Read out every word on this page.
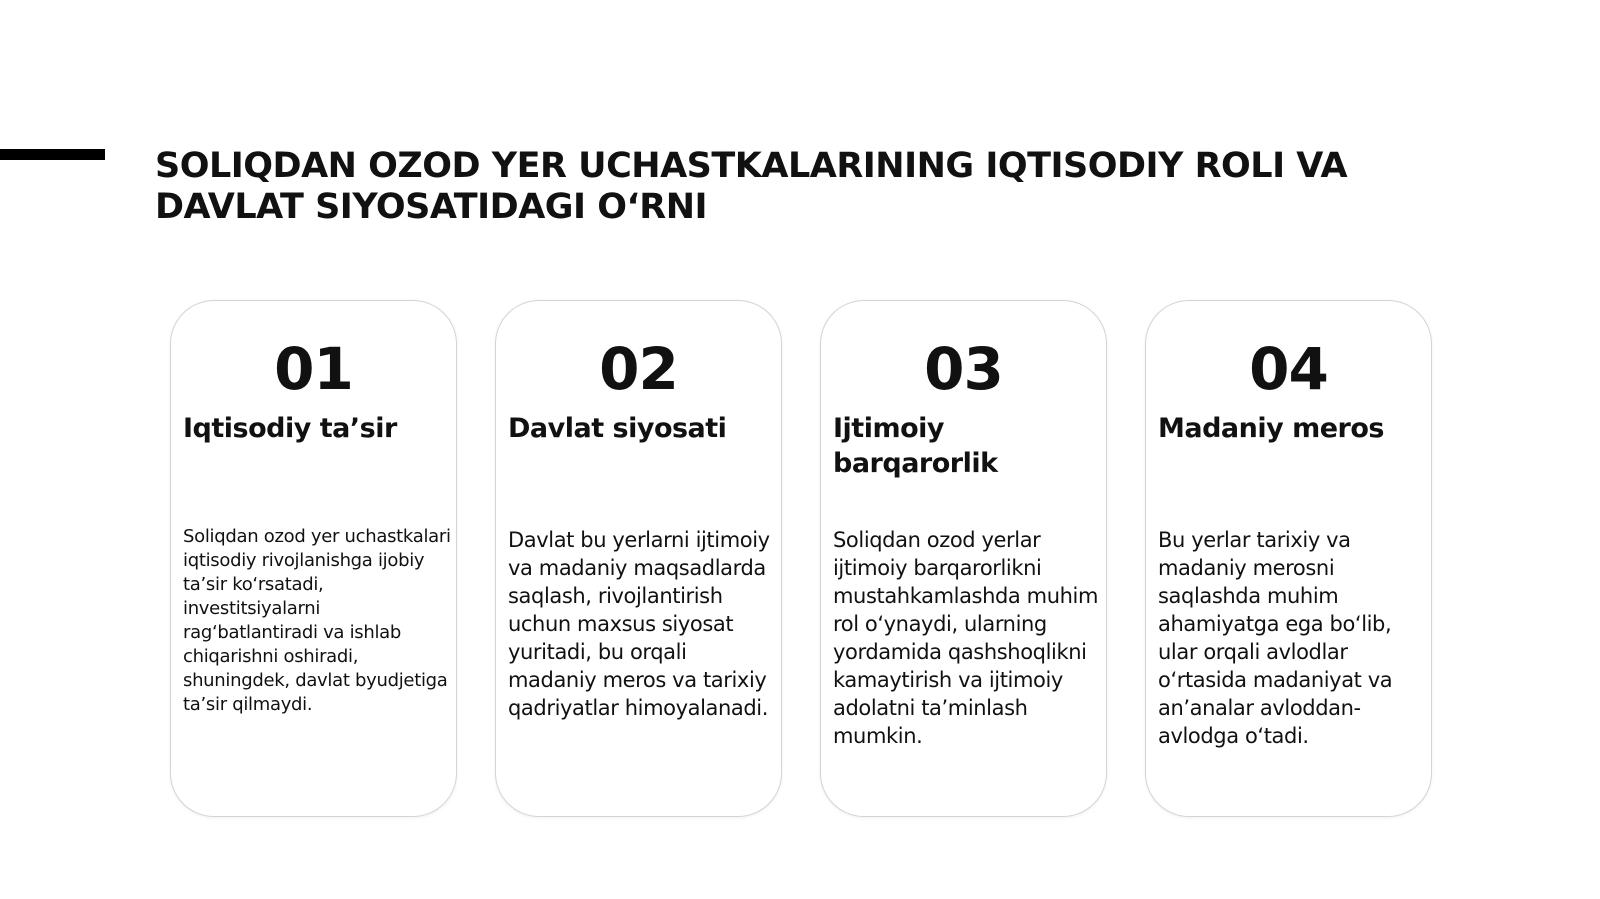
SOLIQDAN OZOD YER UCHASTKALARINING IQTISODIY ROLI VA DAVLAT SIYOSATIDAGI O‘RNI
01
Iqtisodiy ta’sir
Soliqdan ozod yer uchastkalari iqtisodiy rivojlanishga ijobiy ta’sir ko‘rsatadi, investitsiyalarni rag‘batlantiradi va ishlab chiqarishni oshiradi, shuningdek, davlat byudjetiga ta’sir qilmaydi.
02
Davlat siyosati
Davlat bu yerlarni ijtimoiy va madaniy maqsadlarda saqlash, rivojlantirish uchun maxsus siyosat yuritadi, bu orqali madaniy meros va tarixiy qadriyatlar himoyalanadi.
03
Ijtimoiy barqarorlik
Soliqdan ozod yerlar ijtimoiy barqarorlikni mustahkamlashda muhim rol o‘ynaydi, ularning yordamida qashshoqlikni kamaytirish va ijtimoiy adolatni ta’minlash mumkin.
04
Madaniy meros
Bu yerlar tarixiy va madaniy merosni saqlashda muhim ahamiyatga ega bo‘lib, ular orqali avlodlar o‘rtasida madaniyat va an’analar avloddan-avlodga o‘tadi.
